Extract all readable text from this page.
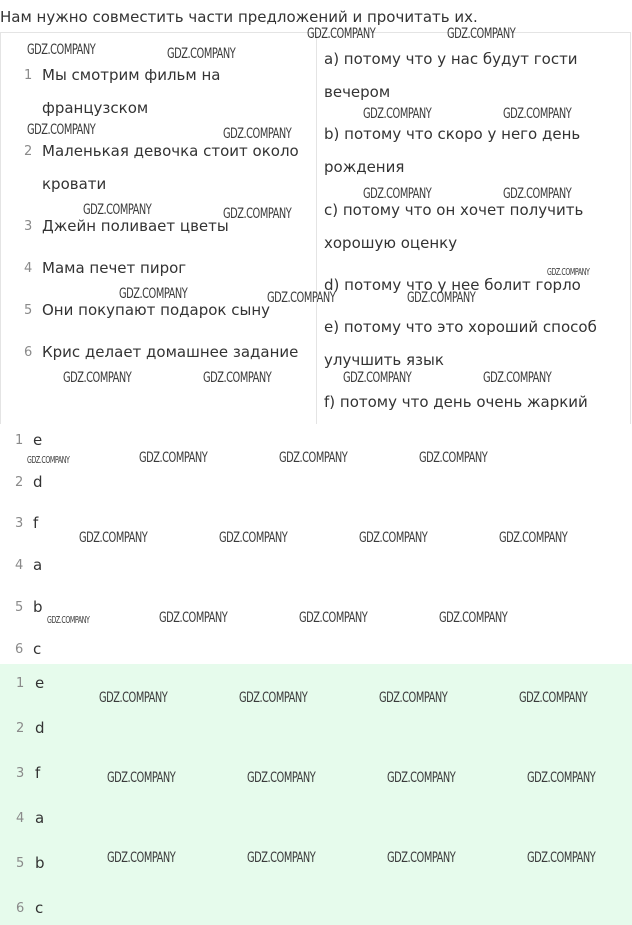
Нам нужно совместить части предложений и прочитать их.
1 Мы смотрим фильм на
французском
2 Маленькая девочка стоит около
кровати
3 Джейн поливает цветы
4 Мама печет пирог
5 Они покупают подарок сыну
6 Крис делает домашнее задание
a) потому что у нас будут гости
вечером
b) потому что скоро у него день
рождения
c) потому что он хочет получить
хорошую оценку
d) потому что у нее болит горло
e) потому что это хороший способ
улучшить язык
f) потому что день очень жаркий
1 e
2 d
3 f
4 a
5 b
6 c
1 e
2 d
3 f
4 a
5 b
6 c
GDZ.COMPANY	GDZ.COMPANY
GDZ.COMPANY	GDZ.COMPANY
GDZ.COMPANY	GDZ.COMPANY
GDZ.COMPANY	GDZ.COMPANY
GDZ.COMPANY	GDZ.COMPANY
GDZ.COMPANY	GDZ.COMPANY
GDZ.COMPANY
GDZ.COMPANY	GDZ.COMPANY	GDZ.COMPANY
GDZ.COMPANY	GDZ.COMPANY	GDZ.COMPANY	GDZ.COMPANY
GDZ.COMPANY	GDZ.COMPANY	GDZ.COMPANY	GDZ.COMPANY
GDZ.COMPANY	GDZ.COMPANY	GDZ.COMPANY	GDZ.COMPANY
GDZ.COMPANY	GDZ.COMPANY	GDZ.COMPANY	GDZ.COMPANY
GDZ.COMPANY	GDZ.COMPANY	GDZ.COMPANY	GDZ.COMPANY
GDZ.COMPANY	GDZ.COMPANY	GDZ.COMPANY	GDZ.COMPANY
GDZ.COMPANY	GDZ.COMPANY	GDZ.COMPANY	GDZ.COMPANY
